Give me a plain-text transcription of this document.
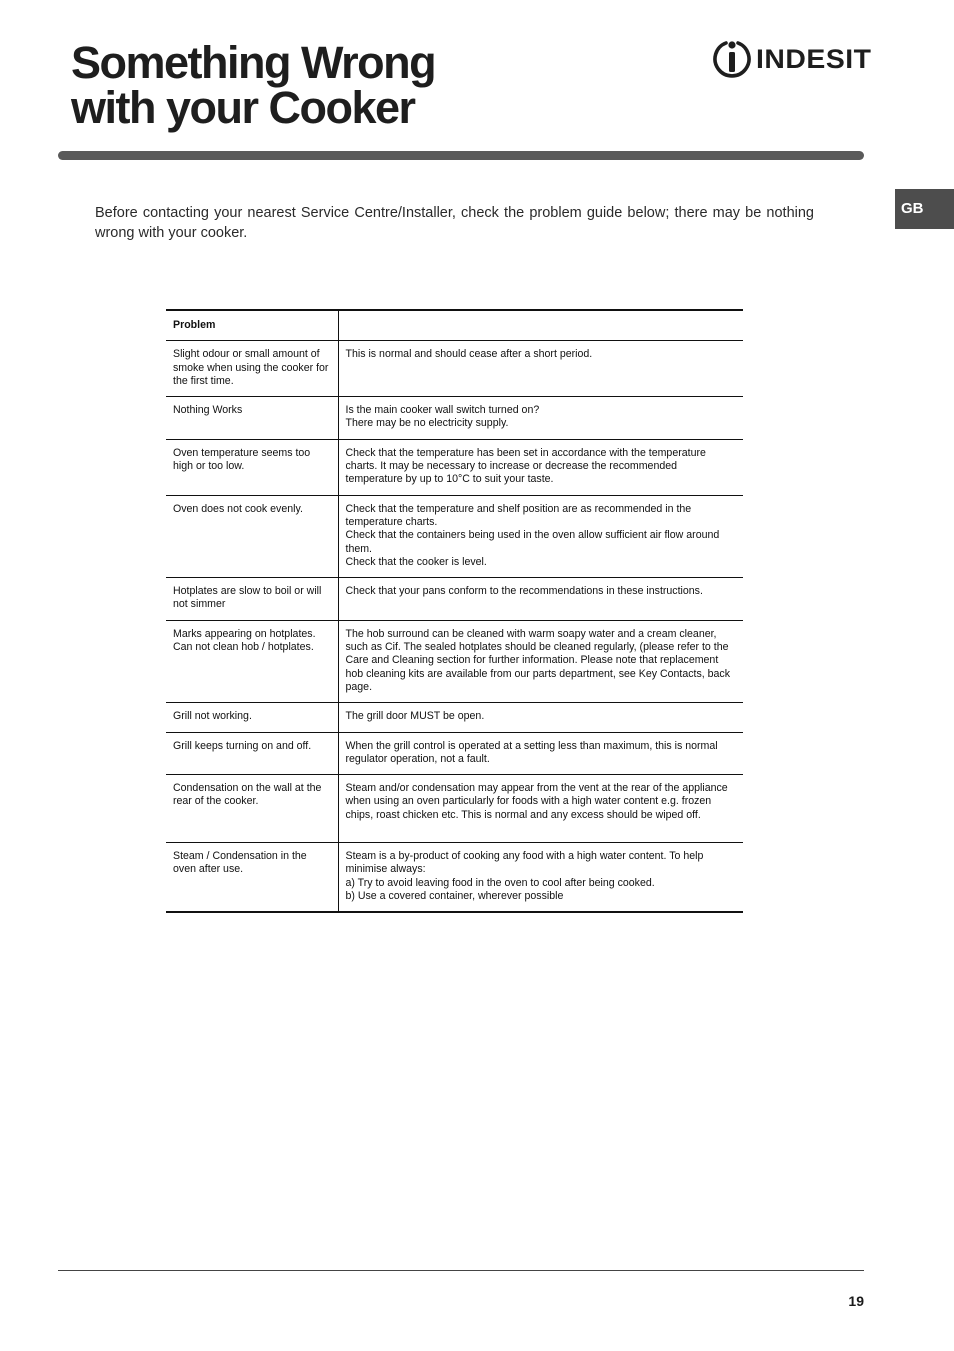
Something Wrong
with your Cooker
INDESIT
GB

Before contacting your nearest Service Centre/Installer, check the problem guide below; there may be nothing wrong with your cooker.

Problem	

Slight odour or small amount of smoke when using the cooker for the first time.	This is normal and should cease after a short period.

Nothing Works	Is the main cooker wall switch turned on?
There may be no electricity supply.

Oven temperature seems too high or too low.	Check that the temperature has been set in accordance with the temperature charts. It may be necessary to increase or decrease the recommended temperature by up to 10°C to suit your taste.

Oven does not cook evenly.	Check that the temperature and shelf position are as recommended in the temperature charts.
Check that the containers being used in the oven allow sufficient air flow around them.
Check that the cooker is level.

Hotplates are slow to boil or will not simmer	Check that your pans conform to the recommendations in these instructions.

Marks appearing on hotplates.
Can not clean hob / hotplates.	The hob surround can be cleaned with warm soapy water and a cream cleaner, such as Cif. The sealed hotplates should be cleaned regularly, (please refer to the Care and Cleaning section for further information. Please note that replacement hob cleaning kits are available from our parts department, see Key Contacts, back page.

Grill not working.	The grill door MUST be open.

Grill keeps turning on and off.	When the grill control is operated at a setting less than maximum, this is normal regulator operation, not a fault.

Condensation on the wall at the rear of the cooker.	Steam and/or condensation may appear from the vent at the rear of the appliance when using an oven particularly for foods with a high water content e.g. frozen chips, roast chicken etc. This is normal and any excess should be wiped off.

Steam / Condensation in the oven after use.	Steam is a by-product of cooking any food with a high water content. To help minimise always:
a) Try to avoid leaving food in the oven to cool after being cooked.
b) Use a covered container, wherever possible
19
